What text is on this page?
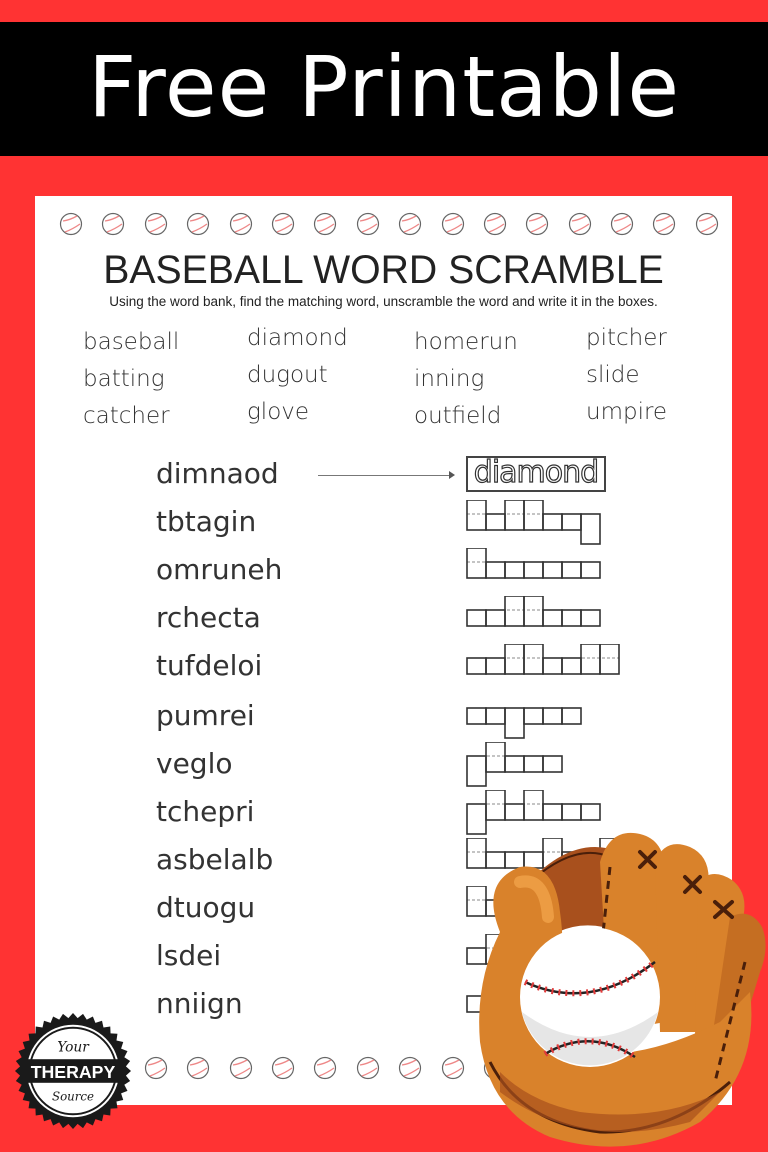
Free Printable
BASEBALL WORD SCRAMBLE
Using the word bank, find the matching word, unscramble the word and write it in the boxes.
baseball
batting
catcher
diamond
dugout
glove
homerun
inning
outfield
pitcher
slide
umpire
dimnaod	diamond
tbtagin
omruneh
rchecta
tufdeloi
pumrei
veglo
tchepri
asbelalb
dtuogu
lsdei
nniign
Your
THERAPY
Source
